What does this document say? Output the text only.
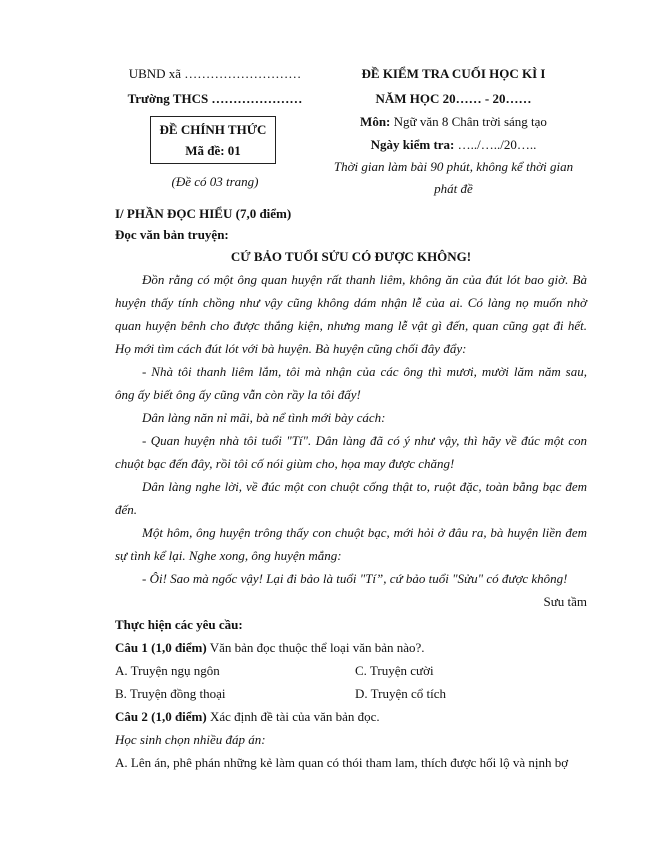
UBND xã ………………………
Trường THCS …………………
ĐỀ CHÍNH THỨC
Mã đề: 01
(Đề có 03 trang)
ĐỀ KIỂM TRA CUỐI HỌC KÌ I
NĂM HỌC 20…… - 20……
Môn: Ngữ văn 8 Chân trời sáng tạo
Ngày kiểm tra: …../…../20…..
Thời gian làm bài 90 phút, không kể thời gian
phát đề
I/ PHẦN ĐỌC HIỂU (7,0 điểm)
Đọc văn bản truyện:
CỨ BẢO TUỔI SỬU CÓ ĐƯỢC KHÔNG!
Đồn rằng có một ông quan huyện rất thanh liêm, không ăn của đút lót bao giờ. Bà
huyện thấy tính chồng như vậy cũng không dám nhận lễ của ai. Có làng nọ muốn nhờ
quan huyện bênh cho được thắng kiện, nhưng mang lễ vật gì đến, quan cũng gạt đi hết.
Họ mới tìm cách đút lót với bà huyện. Bà huyện cũng chối đây đẩy:
- Nhà tôi thanh liêm lắm, tôi mà nhận của các ông thì mươi, mười lăm năm sau,
ông ấy biết ông ấy cũng vẫn còn rầy la tôi đấy!
Dân làng năn nỉ mãi, bà nể tình mới bày cách:
- Quan huyện nhà tôi tuổi "Tí". Dân làng đã có ý như vậy, thì hãy về đúc một con
chuột bạc đến đây, rồi tôi cố nói giùm cho, họa may được chăng!
Dân làng nghe lời, về đúc một con chuột cống thật to, ruột đặc, toàn bằng bạc đem
đến.
Một hôm, ông huyện trông thấy con chuột bạc, mới hỏi ở đâu ra, bà huyện liền đem
sự tình kể lại. Nghe xong, ông huyện mắng:
- Ôi! Sao mà ngốc vậy! Lại đi bảo là tuổi "Tí”, cứ bảo tuổi "Sửu" có được không!
Sưu tầm
Thực hiện các yêu cầu:
Câu 1 (1,0 điểm) Văn bản đọc thuộc thể loại văn bản nào?.
A. Truyện ngụ ngôn	C. Truyện cười
B. Truyện đồng thoại	D. Truyện cổ tích
Câu 2 (1,0 điểm) Xác định đề tài của văn bản đọc.
Học sinh chọn nhiều đáp án:
A. Lên án, phê phán những kẻ làm quan có thói tham lam, thích được hối lộ và nịnh bợ
